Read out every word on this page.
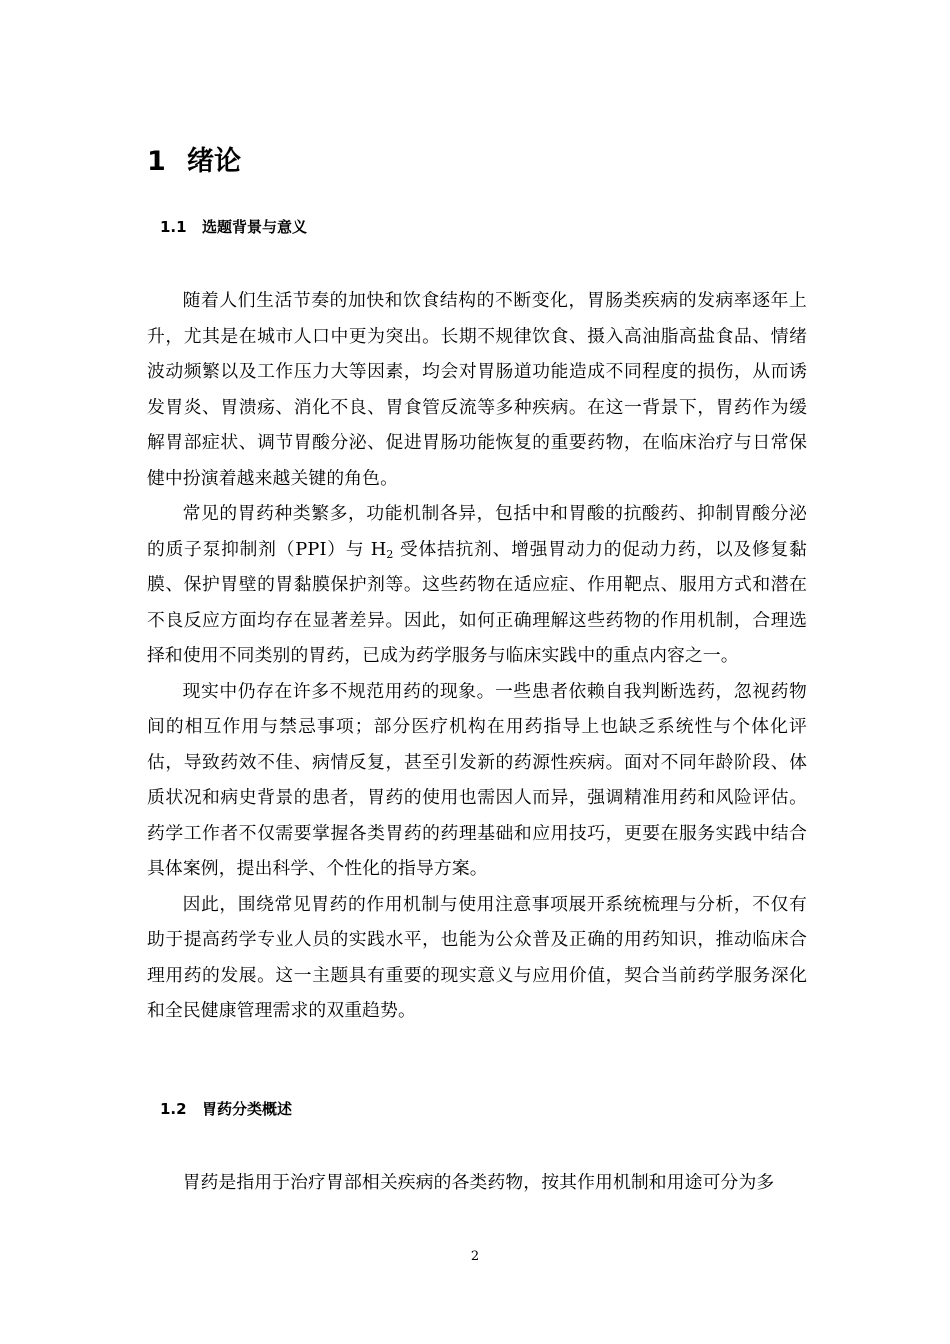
1 绪论
1.1 选题背景与意义

随着人们生活节奏的加快和饮食结构的不断变化，胃肠类疾病的发病率逐年上升，尤其是在城市人口中更为突出。长期不规律饮食、摄入高油脂高盐食品、情绪波动频繁以及工作压力大等因素，均会对胃肠道功能造成不同程度的损伤，从而诱发胃炎、胃溃疡、消化不良、胃食管反流等多种疾病。在这一背景下，胃药作为缓解胃部症状、调节胃酸分泌、促进胃肠功能恢复的重要药物，在临床治疗与日常保健中扮演着越来越关键的角色。

常见的胃药种类繁多，功能机制各异，包括中和胃酸的抗酸药、抑制胃酸分泌的质子泵抑制剂（PPI）与 $H_2$ 受体拮抗剂、增强胃动力的促动力药，以及修复黏膜、保护胃壁的胃黏膜保护剂等。这些药物在适应症、作用靶点、服用方式和潜在不良反应方面均存在显著差异。因此，如何正确理解这些药物的作用机制，合理选择和使用不同类别的胃药，已成为药学服务与临床实践中的重点内容之一。

现实中仍存在许多不规范用药的现象。一些患者依赖自我判断选药，忽视药物间的相互作用与禁忌事项；部分医疗机构在用药指导上也缺乏系统性与个体化评估，导致药效不佳、病情反复，甚至引发新的药源性疾病。面对不同年龄阶段、体质状况和病史背景的患者，胃药的使用也需因人而异，强调精准用药和风险评估。药学工作者不仅需要掌握各类胃药的药理基础和应用技巧，更要在服务实践中结合具体案例，提出科学、个性化的指导方案。

因此，围绕常见胃药的作用机制与使用注意事项展开系统梳理与分析，不仅有助于提高药学专业人员的实践水平，也能为公众普及正确的用药知识，推动临床合理用药的发展。这一主题具有重要的现实意义与应用价值，契合当前药学服务深化和全民健康管理需求的双重趋势。

1.2 胃药分类概述

胃药是指用于治疗胃部相关疾病的各类药物，按其作用机制和用途可分为多

2
